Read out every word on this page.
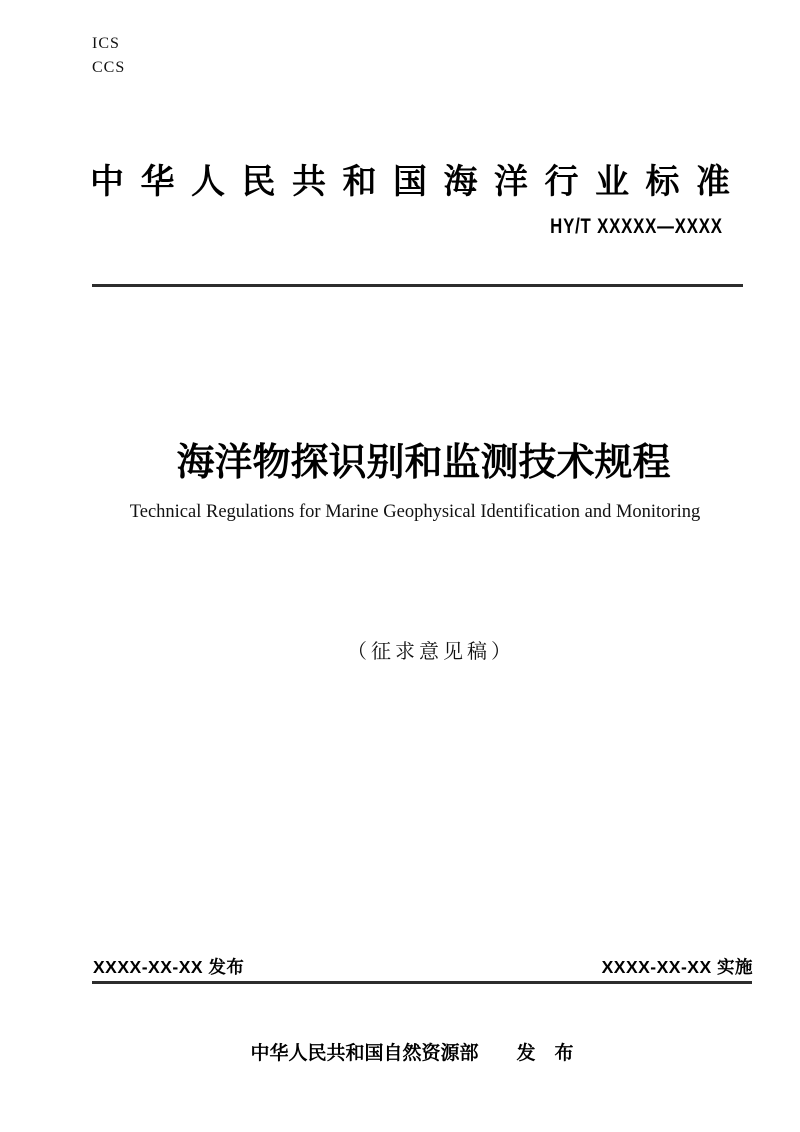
ICS
CCS
中华人民共和国海洋行业标准
HY/T XXXXX—XXXX
海洋物探识别和监测技术规程
Technical Regulations for Marine Geophysical Identification and Monitoring
（征求意见稿）
XXXX-XX-XX 发布	XXXX-XX-XX 实施
中华人民共和国自然资源部　　发　布
